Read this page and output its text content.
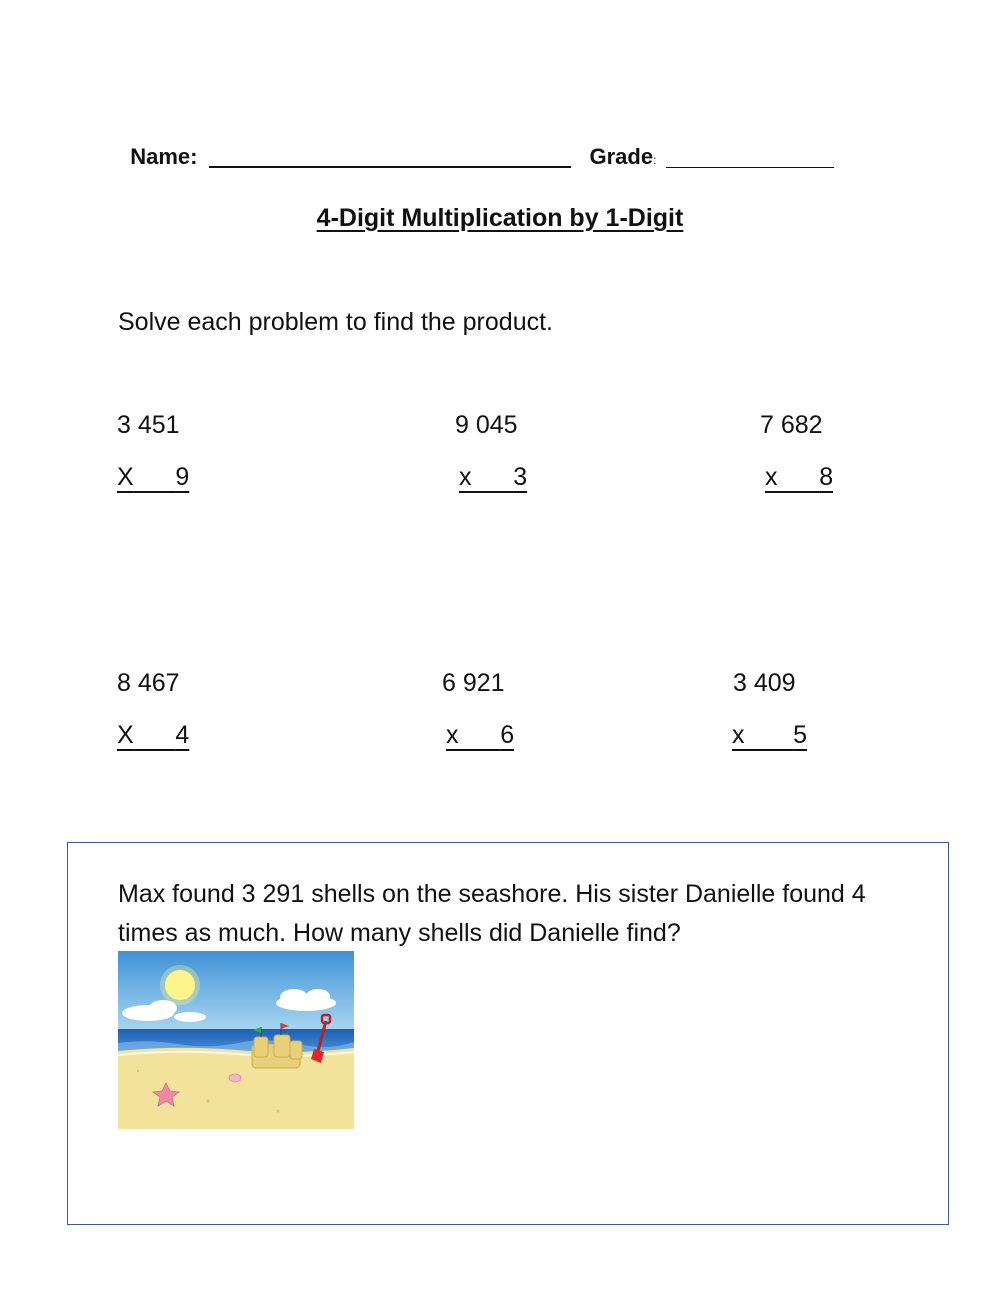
Name:	Grade:

4-Digit Multiplication by 1-Digit
Solve each problem to find the product.
3 451
X 9
9 045
x 3
7 682
x 8
8 467
X 4
6 921
x 6
3 409
x 5
Max found 3 291 shells on the seashore. His sister Danielle found 4 times as much. How many shells did Danielle find?
